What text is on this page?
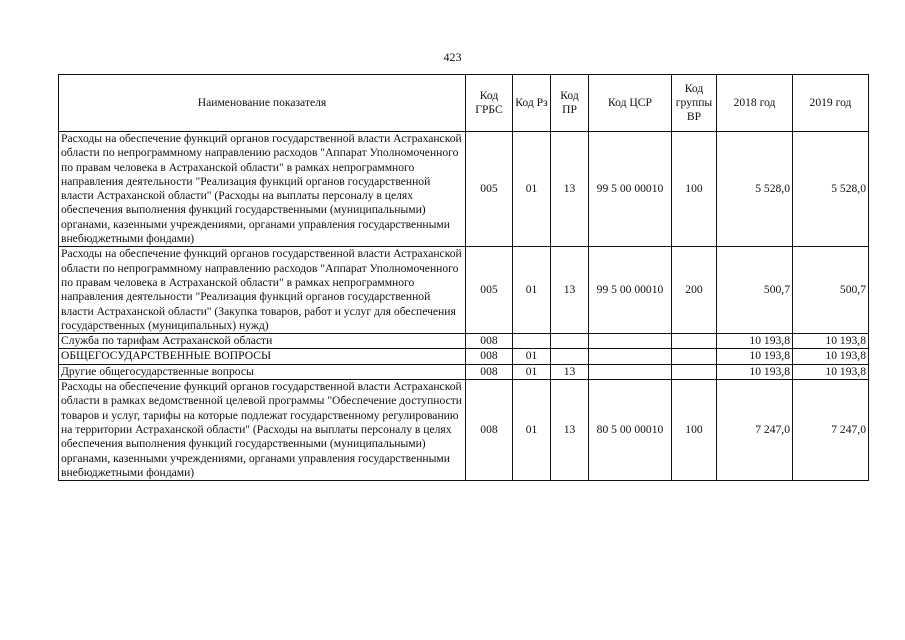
423
Наименование показателя	Код ГРБС	Код Рз	Код ПР	Код ЦСР	Код группы ВР	2018 год	2019 год
Расходы на обеспечение функций органов государственной власти Астраханской области по непрограммному направлению расходов "Аппарат Уполномоченного по правам человека в Астраханской области" в рамках непрограммного направления деятельности "Реализация функций органов государственной власти Астраханской области" (Расходы на выплаты персоналу в целях обеспечения выполнения функций государственными (муниципальными) органами, казенными учреждениями, органами управления государственными внебюджетными фондами)	005	01	13	99 5 00 00010	100	5 528,0	5 528,0
Расходы на обеспечение функций органов государственной власти Астраханской области по непрограммному направлению расходов "Аппарат Уполномоченного по правам человека в Астраханской области" в рамках непрограммного направления деятельности "Реализация функций органов государственной власти Астраханской области" (Закупка товаров, работ и услуг для обеспечения государственных (муниципальных) нужд)	005	01	13	99 5 00 00010	200	500,7	500,7
Служба по тарифам Астраханской области	008					10 193,8	10 193,8
ОБЩЕГОСУДАРСТВЕННЫЕ ВОПРОСЫ	008	01				10 193,8	10 193,8
Другие общегосударственные вопросы	008	01	13			10 193,8	10 193,8
Расходы на обеспечение функций органов государственной власти Астраханской области в рамках ведомственной целевой программы "Обеспечение доступности товаров и услуг, тарифы на которые подлежат государственному регулированию на территории Астраханской области" (Расходы на выплаты персоналу в целях обеспечения выполнения функций государственными (муниципальными) органами, казенными учреждениями, органами управления государственными внебюджетными фондами)	008	01	13	80 5 00 00010	100	7 247,0	7 247,0
